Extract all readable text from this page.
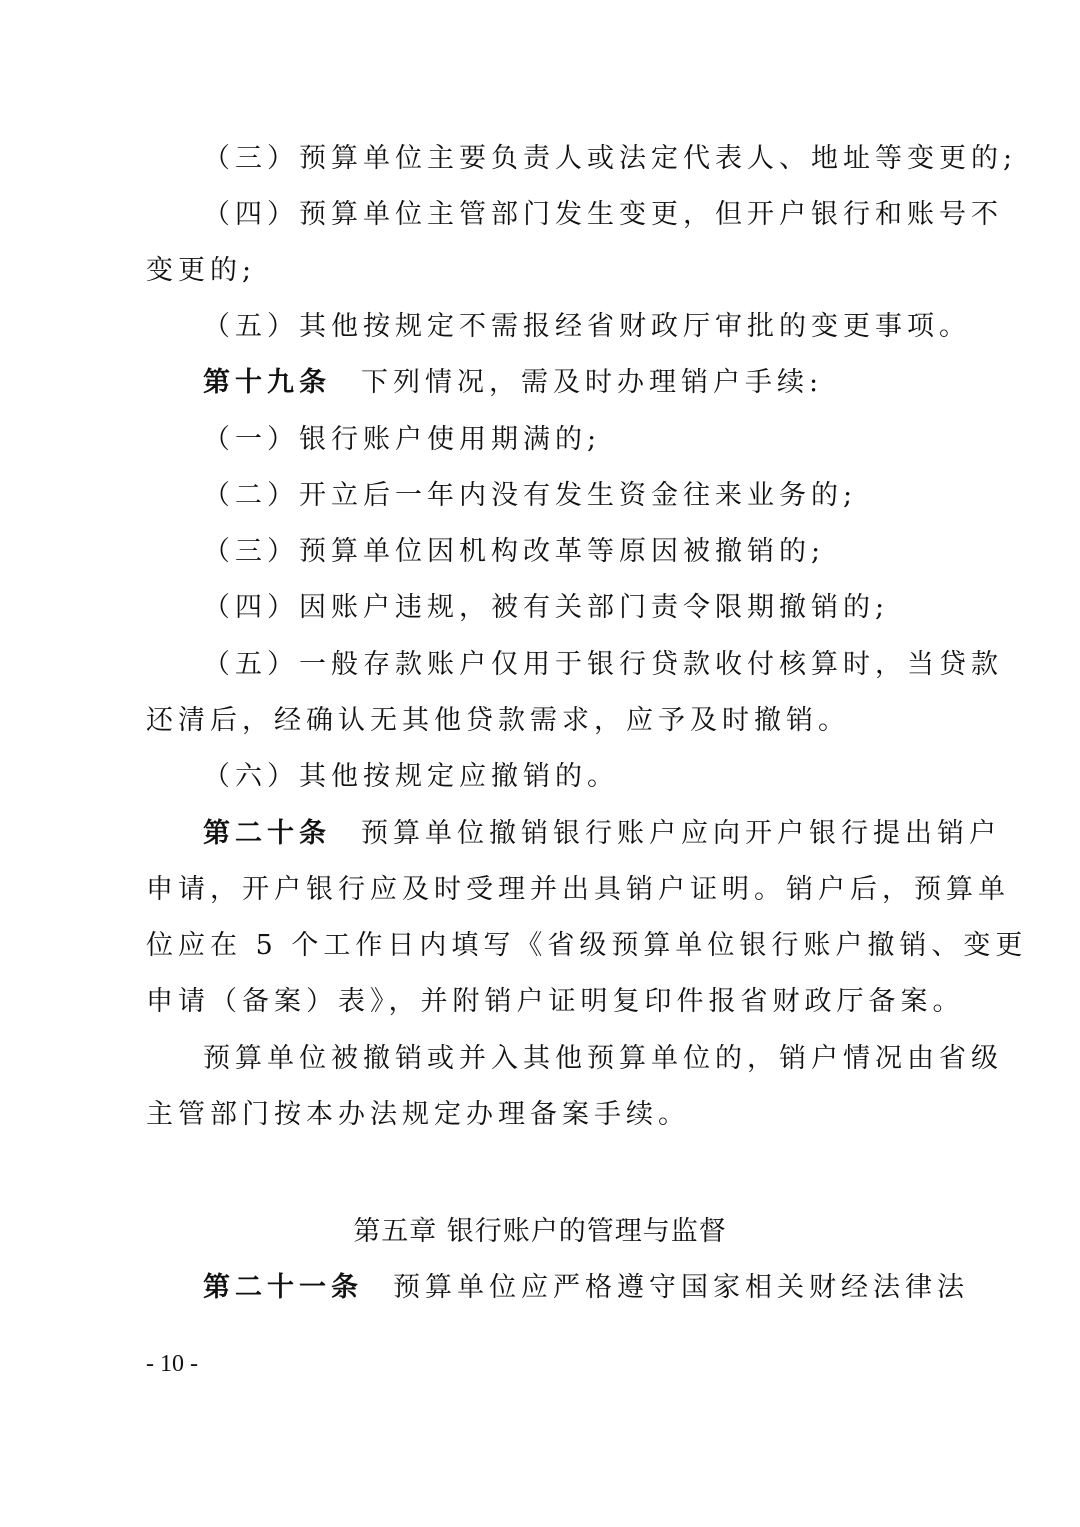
（三）预算单位主要负责人或法定代表人、地址等变更的;
（四）预算单位主管部门发生变更，但开户银行和账号不
变更的;
（五）其他按规定不需报经省财政厅审批的变更事项。
第十九条 下列情况，需及时办理销户手续:
（一）银行账户使用期满的;
（二）开立后一年内没有发生资金往来业务的;
（三）预算单位因机构改革等原因被撤销的;
（四）因账户违规，被有关部门责令限期撤销的;
（五）一般存款账户仅用于银行贷款收付核算时，当贷款
还清后，经确认无其他贷款需求，应予及时撤销。
（六）其他按规定应撤销的。
第二十条 预算单位撤销银行账户应向开户银行提出销户
申请，开户银行应及时受理并出具销户证明。销户后，预算单
位应在 5 个工作日内填写《省级预算单位银行账户撤销、变更
申请（备案）表》，并附销户证明复印件报省财政厅备案。
预算单位被撤销或并入其他预算单位的，销户情况由省级
主管部门按本办法规定办理备案手续。
第五章 银行账户的管理与监督
第二十一条 预算单位应严格遵守国家相关财经法律法
- 10 -
